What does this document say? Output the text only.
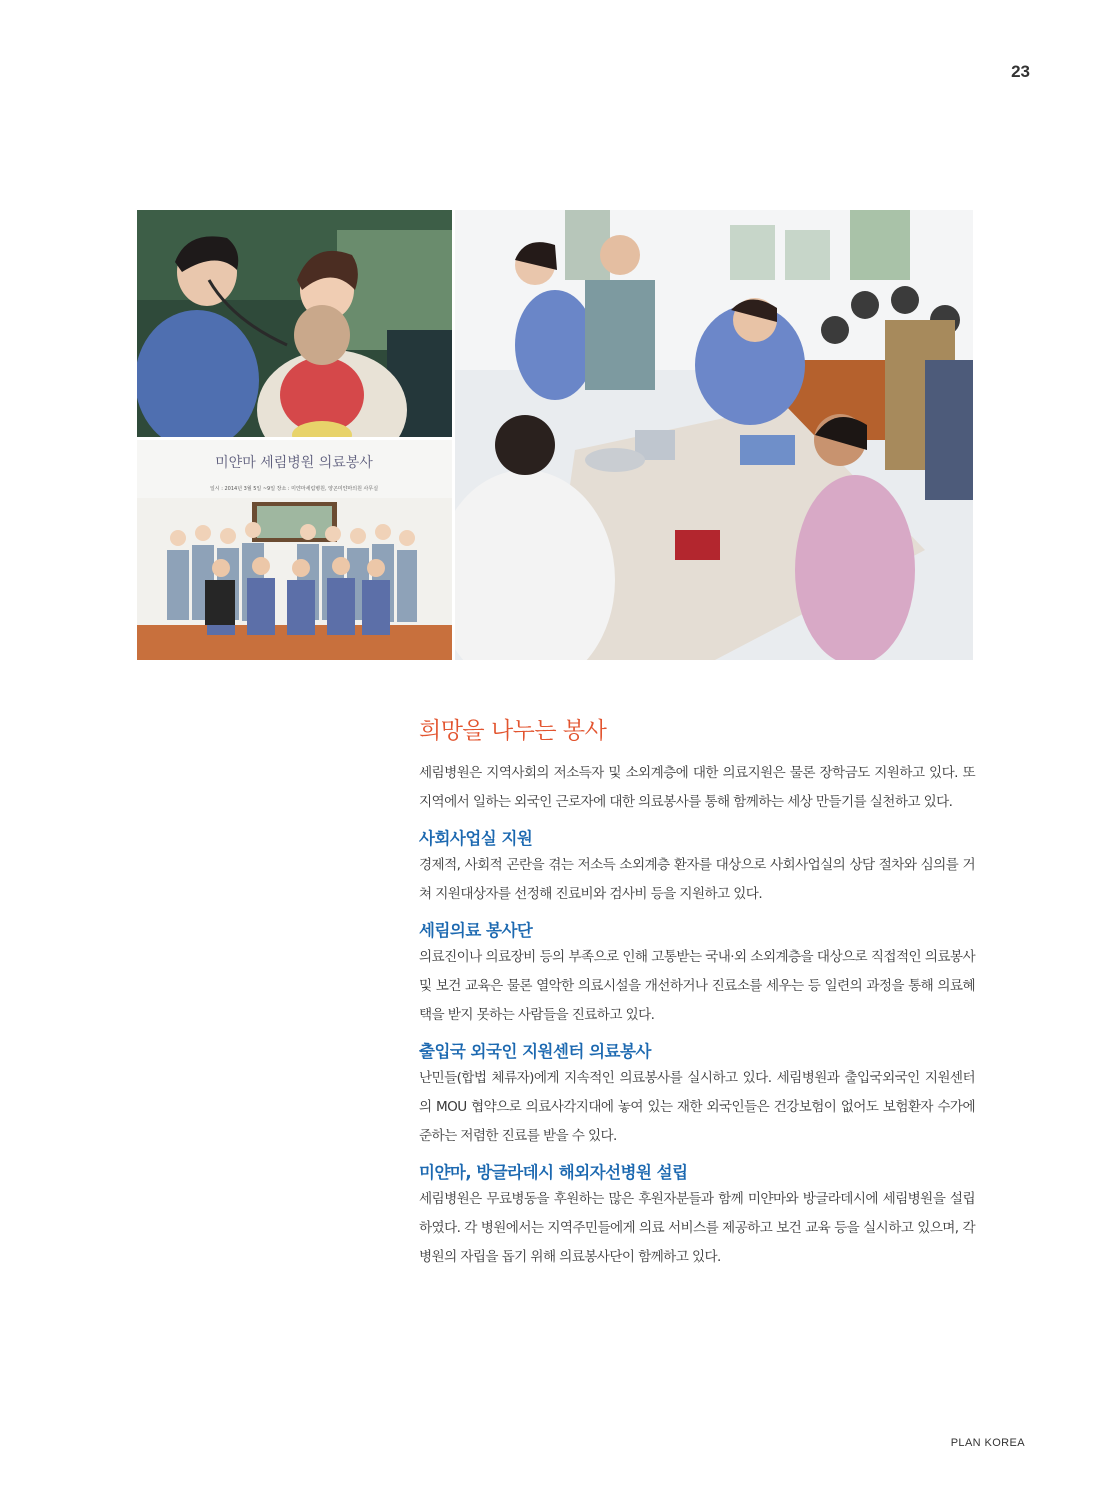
23
미얀마 세림병원 의료봉사
일시 : 2014년 3월 5일 ~9일 장소 : 미얀마세림병원, 양곤미얀마의원 사무실
희망을 나누는 봉사

세림병원은 지역사회의 저소득자 및 소외계층에 대한 의료지원은 물론 장학금도 지원하고 있다. 또 지역에서 일하는 외국인 근로자에 대한 의료봉사를 통해 함께하는 세상 만들기를 실천하고 있다.

사회사업실 지원

경제적, 사회적 곤란을 겪는 저소득 소외계층 환자를 대상으로 사회사업실의 상담 절차와 심의를 거쳐 지원대상자를 선정해 진료비와 검사비 등을 지원하고 있다.

세림의료 봉사단

의료진이나 의료장비 등의 부족으로 인해 고통받는 국내·외 소외계층을 대상으로 직접적인 의료봉사 및 보건 교육은 물론 열악한 의료시설을 개선하거나 진료소를 세우는 등 일련의 과정을 통해 의료혜택을 받지 못하는 사람들을 진료하고 있다.

출입국 외국인 지원센터 의료봉사

난민들(합법 체류자)에게 지속적인 의료봉사를 실시하고 있다. 세림병원과 출입국외국인 지원센터의 MOU 협약으로 의료사각지대에 놓여 있는 재한 외국인들은 건강보험이 없어도 보험환자 수가에 준하는 저렴한 진료를 받을 수 있다.

미얀마, 방글라데시 해외자선병원 설립

세림병원은 무료병동을 후원하는 많은 후원자분들과 함께 미얀마와 방글라데시에 세림병원을 설립하였다. 각 병원에서는 지역주민들에게 의료 서비스를 제공하고 보건 교육 등을 실시하고 있으며, 각 병원의 자립을 돕기 위해 의료봉사단이 함께하고 있다.

PLAN KOREA
